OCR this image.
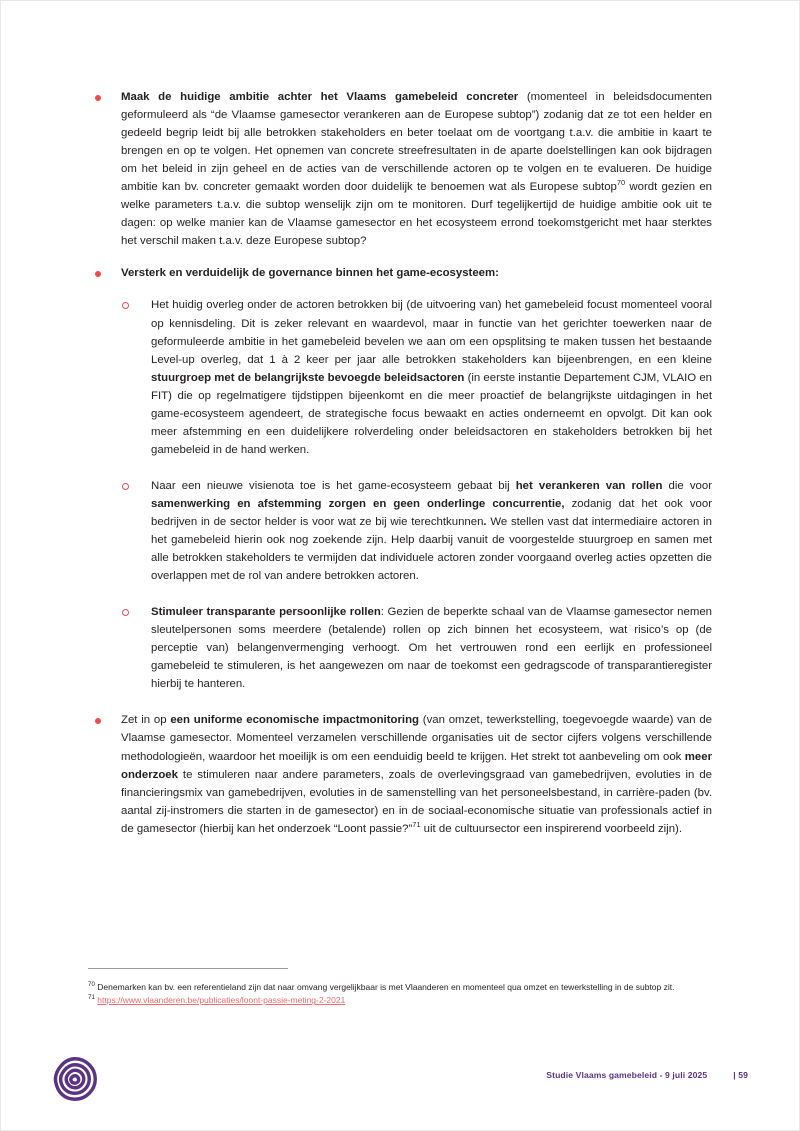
Maak de huidige ambitie achter het Vlaams gamebeleid concreter (momenteel in beleidsdocumenten geformuleerd als “de Vlaamse gamesector verankeren aan de Europese subtop”) zodanig dat ze tot een helder en gedeeld begrip leidt bij alle betrokken stakeholders en beter toelaat om de voortgang t.a.v. die ambitie in kaart te brengen en op te volgen. Het opnemen van concrete streefresultaten in de aparte doelstellingen kan ook bijdragen om het beleid in zijn geheel en de acties van de verschillende actoren op te volgen en te evalueren. De huidige ambitie kan bv. concreter gemaakt worden door duidelijk te benoemen wat als Europese subtop$^{70}$ wordt gezien en welke parameters t.a.v. die subtop wenselijk zijn om te monitoren. Durf tegelijkertijd de huidige ambitie ook uit te dagen: op welke manier kan de Vlaamse gamesector en het ecosysteem errond toekomstgericht met haar sterktes het verschil maken t.a.v. deze Europese subtop?

Versterk en verduidelijk de governance binnen het game-ecosysteem:

Het huidig overleg onder de actoren betrokken bij (de uitvoering van) het gamebeleid focust momenteel vooral op kennisdeling. Dit is zeker relevant en waardevol, maar in functie van het gerichter toewerken naar de geformuleerde ambitie in het gamebeleid bevelen we aan om een opsplitsing te maken tussen het bestaande Level-up overleg, dat 1 à 2 keer per jaar alle betrokken stakeholders kan bijeenbrengen, en een kleine stuurgroep met de belangrijkste bevoegde beleidsactoren (in eerste instantie Departement CJM, VLAIO en FIT) die op regelmatigere tijdstippen bijeenkomt en die meer proactief de belangrijkste uitdagingen in het game-ecosysteem agendeert, de strategische focus bewaakt en acties onderneemt en opvolgt. Dit kan ook meer afstemming en een duidelijkere rolverdeling onder beleidsactoren en stakeholders betrokken bij het gamebeleid in de hand werken.

Naar een nieuwe visienota toe is het game-ecosysteem gebaat bij het verankeren van rollen die voor samenwerking en afstemming zorgen en geen onderlinge concurrentie, zodanig dat het ook voor bedrijven in de sector helder is voor wat ze bij wie terechtkunnen. We stellen vast dat intermediaire actoren in het gamebeleid hierin ook nog zoekende zijn. Help daarbij vanuit de voorgestelde stuurgroep en samen met alle betrokken stakeholders te vermijden dat individuele actoren zonder voorgaand overleg acties opzetten die overlappen met de rol van andere betrokken actoren.

Stimuleer transparante persoonlijke rollen: Gezien de beperkte schaal van de Vlaamse gamesector nemen sleutelpersonen soms meerdere (betalende) rollen op zich binnen het ecosysteem, wat risico’s op (de perceptie van) belangenvermenging verhoogt. Om het vertrouwen rond een eerlijk en professioneel gamebeleid te stimuleren, is het aangewezen om naar de toekomst een gedragscode of transparantieregister hierbij te hanteren.

Zet in op een uniforme economische impactmonitoring (van omzet, tewerkstelling, toegevoegde waarde) van de Vlaamse gamesector. Momenteel verzamelen verschillende organisaties uit de sector cijfers volgens verschillende methodologieën, waardoor het moeilijk is om een eenduidig beeld te krijgen. Het strekt tot aanbeveling om ook meer onderzoek te stimuleren naar andere parameters, zoals de overlevingsgraad van gamebedrijven, evoluties in de financieringsmix van gamebedrijven, evoluties in de samenstelling van het personeelsbestand, in carrière-paden (bv. aantal zij-instromers die starten in de gamesector) en in de sociaal-economische situatie van professionals actief in de gamesector (hierbij kan het onderzoek “Loont passie?”$^{71}$ uit de cultuursector een inspirerend voorbeeld zijn).

$^{70}$ Denemarken kan bv. een referentieland zijn dat naar omvang vergelijkbaar is met Vlaanderen en momenteel qua omzet en tewerkstelling in de subtop zit.

$^{71}$ https://www.vlaanderen.be/publicaties/loont-passie-meting-2-2021

Studie Vlaams gamebeleid - 9 juli 2025	| 59
